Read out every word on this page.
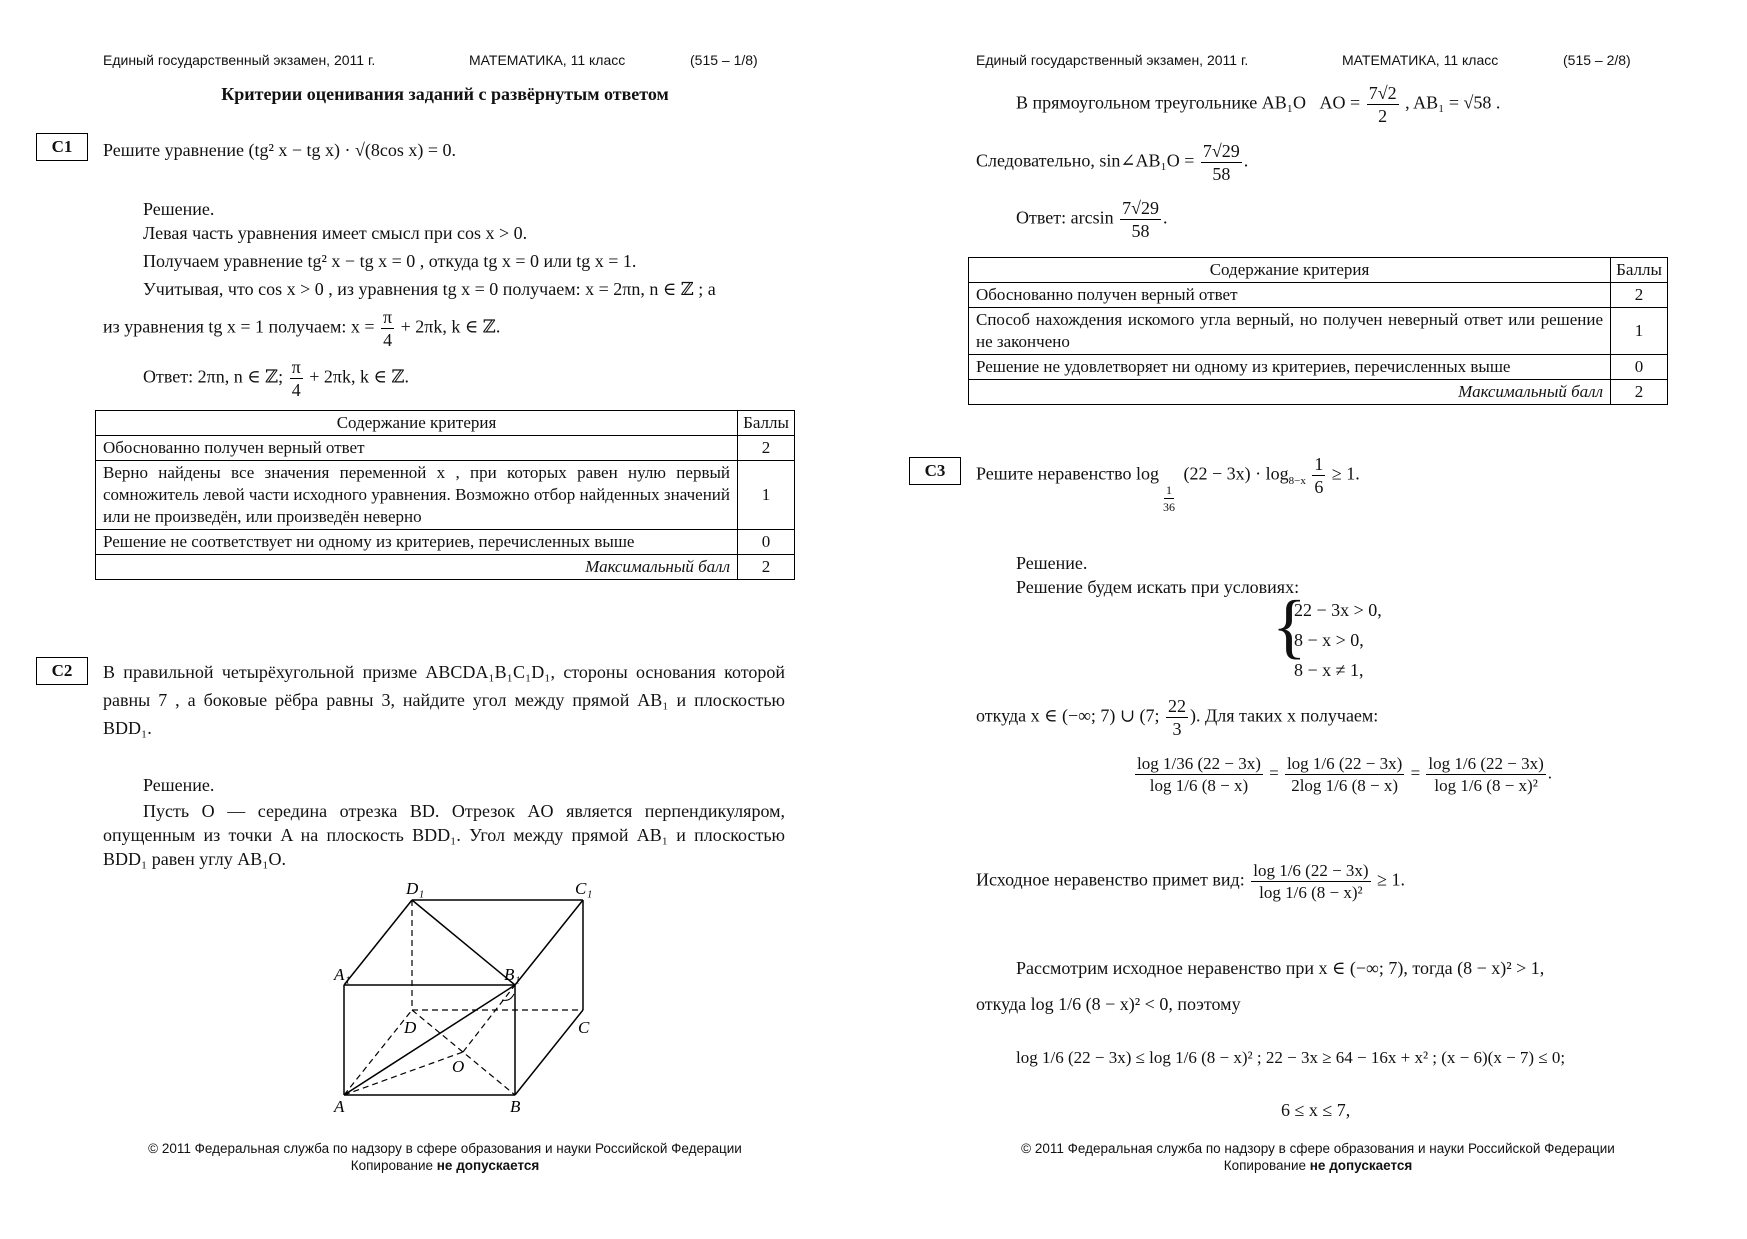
Единый государственный экзамен, 2011 г.	МАТЕМАТИКА, 11 класс	(515 – 1/8)
Критерии оценивания заданий с развёрнутым ответом
C1	Решите уравнение (tg² x − tg x) · √(8cos x) = 0.
Решение.
Левая часть уравнения имеет смысл при cos x > 0.
Получаем уравнение tg² x − tg x = 0 , откуда tg x = 0 или tg x = 1.
Учитывая, что cos x > 0 , из уравнения tg x = 0 получаем: x = 2πn, n ∈ ℤ ; а
из уравнения tg x = 1 получаем: $x = \frac{\pi}{4} + 2\pi k$, k ∈ ℤ.
Ответ: 2πn, n ∈ ℤ; $\frac{\pi}{4} + 2\pi k$, k ∈ ℤ.
Содержание критерия	Баллы
Обоснованно получен верный ответ	2
Верно найдены все значения переменной x , при которых равен нулю первый сомножитель левой части исходного уравнения. Возможно отбор найденных значений или не произведён, или произведён неверно	1
Решение не соответствует ни одному из критериев, перечисленных выше	0
Максимальный балл	2
C2	В правильной четырёхугольной призме ABCDA₁B₁C₁D₁, стороны основания которой равны 7 , а боковые рёбра равны 3, найдите угол между прямой AB₁ и плоскостью BDD₁.
Решение.
Пусть O — середина отрезка BD. Отрезок AO является перпендикуляром, опущенным из точки A на плоскость BDD₁. Угол между прямой AB₁ и плоскостью BDD₁ равен углу AB₁O.
A	B
C
D
A₁	B₁
C₁
D₁
O
© 2011 Федеральная служба по надзору в сфере образования и науки Российской Федерации
Копирование не допускается
Единый государственный экзамен, 2011 г.	МАТЕМАТИКА, 11 класс	(515 – 2/8)
В прямоугольном треугольнике AB₁O AO = $\frac{7√2}{2}$ , AB₁ = √58 .
Следовательно, sin∠AB₁O = $\frac{7√29}{58}$ .
Ответ: $\arcsin \frac{7√29}{58}$ .
Содержание критерия	Баллы
Обоснованно получен верный ответ	2
Способ нахождения искомого угла верный, но получен неверный ответ или решение не закончено	1
Решение не удовлетворяет ни одному из критериев, перечисленных выше	0
Максимальный балл	2
C3	Решите неравенство log
$\frac{1}{36}$
$(22 - 3x) \cdot \log_{8-x} \frac{1}{6} \ge 1$.
Решение.
Решение будем искать при условиях:
{
22 − 3x > 0,
8 − x > 0,
8 − x ≠ 1,
откуда x ∈ (−∞; 7) ∪ (7; $\frac{22}{3}$ ). Для таких x получаем:
$\frac{\log 1/36 (22 - 3x)}{\log 1/6 (8 - x)} = \frac{\log 1/6 (22 - 3x)}{2\log 1/6 (8 - x)} = \frac{\log 1/6 (22 - 3x)}{\text{log 1/6 (8 − x)²}}$ .
Исходное неравенство примет вид: $\frac{\log 1/6 (22 - 3x)}{\text{log 1/6 (8 − x)²}} \ge 1$.
Рассмотрим исходное неравенство при x ∈ (−∞; 7), тогда (8 − x)² > 1,
откуда log 1/6 (8 − x)² < 0, поэтому
log 1/6 (22 − 3x) ≤ log 1/6 (8 − x)² ; 22 − 3x ≥ 64 − 16x + x² ; (x − 6)(x − 7) ≤ 0;
6 ≤ x ≤ 7,
© 2011 Федеральная служба по надзору в сфере образования и науки Российской Федерации
Копирование не допускается
